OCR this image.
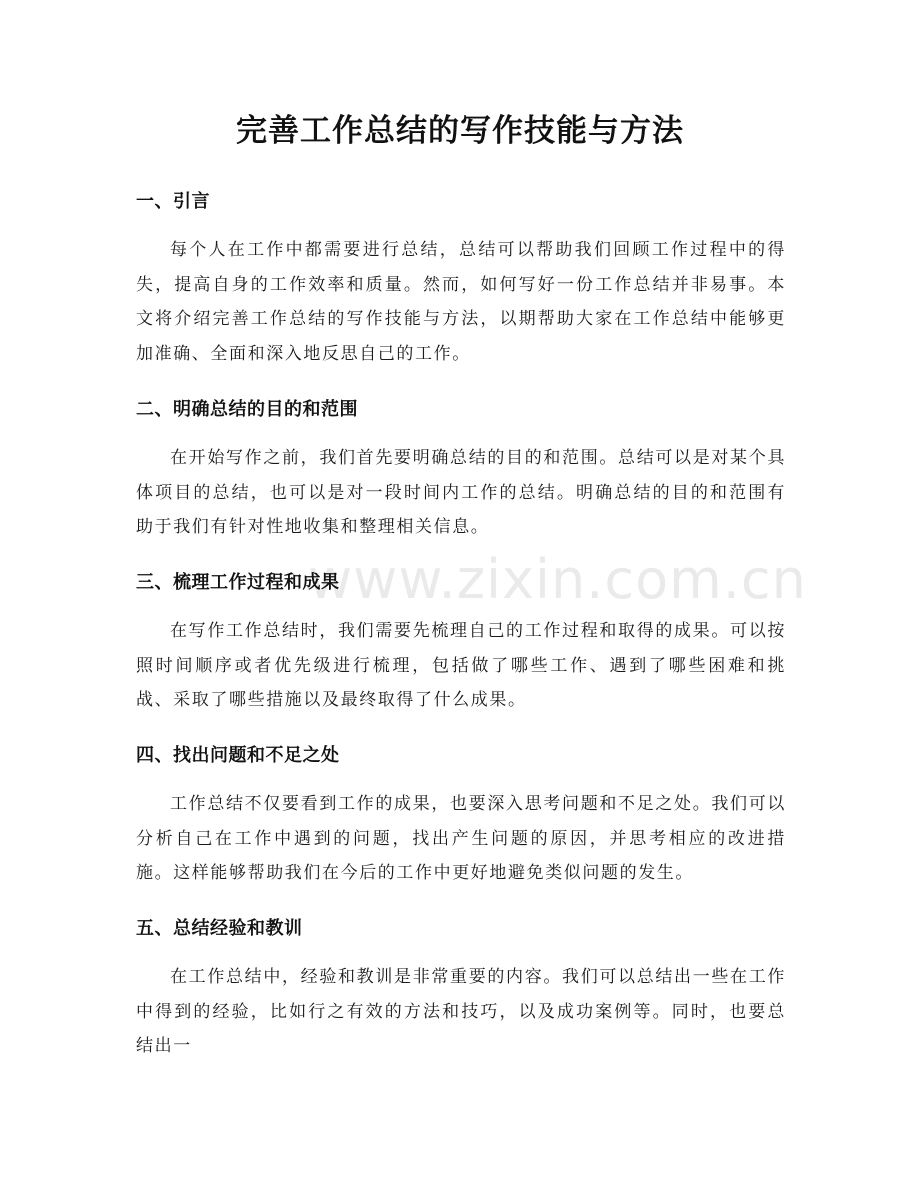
完善工作总结的写作技能与方法
www.zixin.com.cn
一、引言

每个人在工作中都需要进行总结，总结可以帮助我们回顾工作过程中的得失，提高自身的工作效率和质量。然而，如何写好一份工作总结并非易事。本文将介绍完善工作总结的写作技能与方法，以期帮助大家在工作总结中能够更加准确、全面和深入地反思自己的工作。

二、明确总结的目的和范围

在开始写作之前，我们首先要明确总结的目的和范围。总结可以是对某个具体项目的总结，也可以是对一段时间内工作的总结。明确总结的目的和范围有助于我们有针对性地收集和整理相关信息。

三、梳理工作过程和成果

在写作工作总结时，我们需要先梳理自己的工作过程和取得的成果。可以按照时间顺序或者优先级进行梳理，包括做了哪些工作、遇到了哪些困难和挑战、采取了哪些措施以及最终取得了什么成果。

四、找出问题和不足之处

工作总结不仅要看到工作的成果，也要深入思考问题和不足之处。我们可以分析自己在工作中遇到的问题，找出产生问题的原因，并思考相应的改进措施。这样能够帮助我们在今后的工作中更好地避免类似问题的发生。

五、总结经验和教训

在工作总结中，经验和教训是非常重要的内容。我们可以总结出一些在工作中得到的经验，比如行之有效的方法和技巧，以及成功案例等。同时，也要总结出一
